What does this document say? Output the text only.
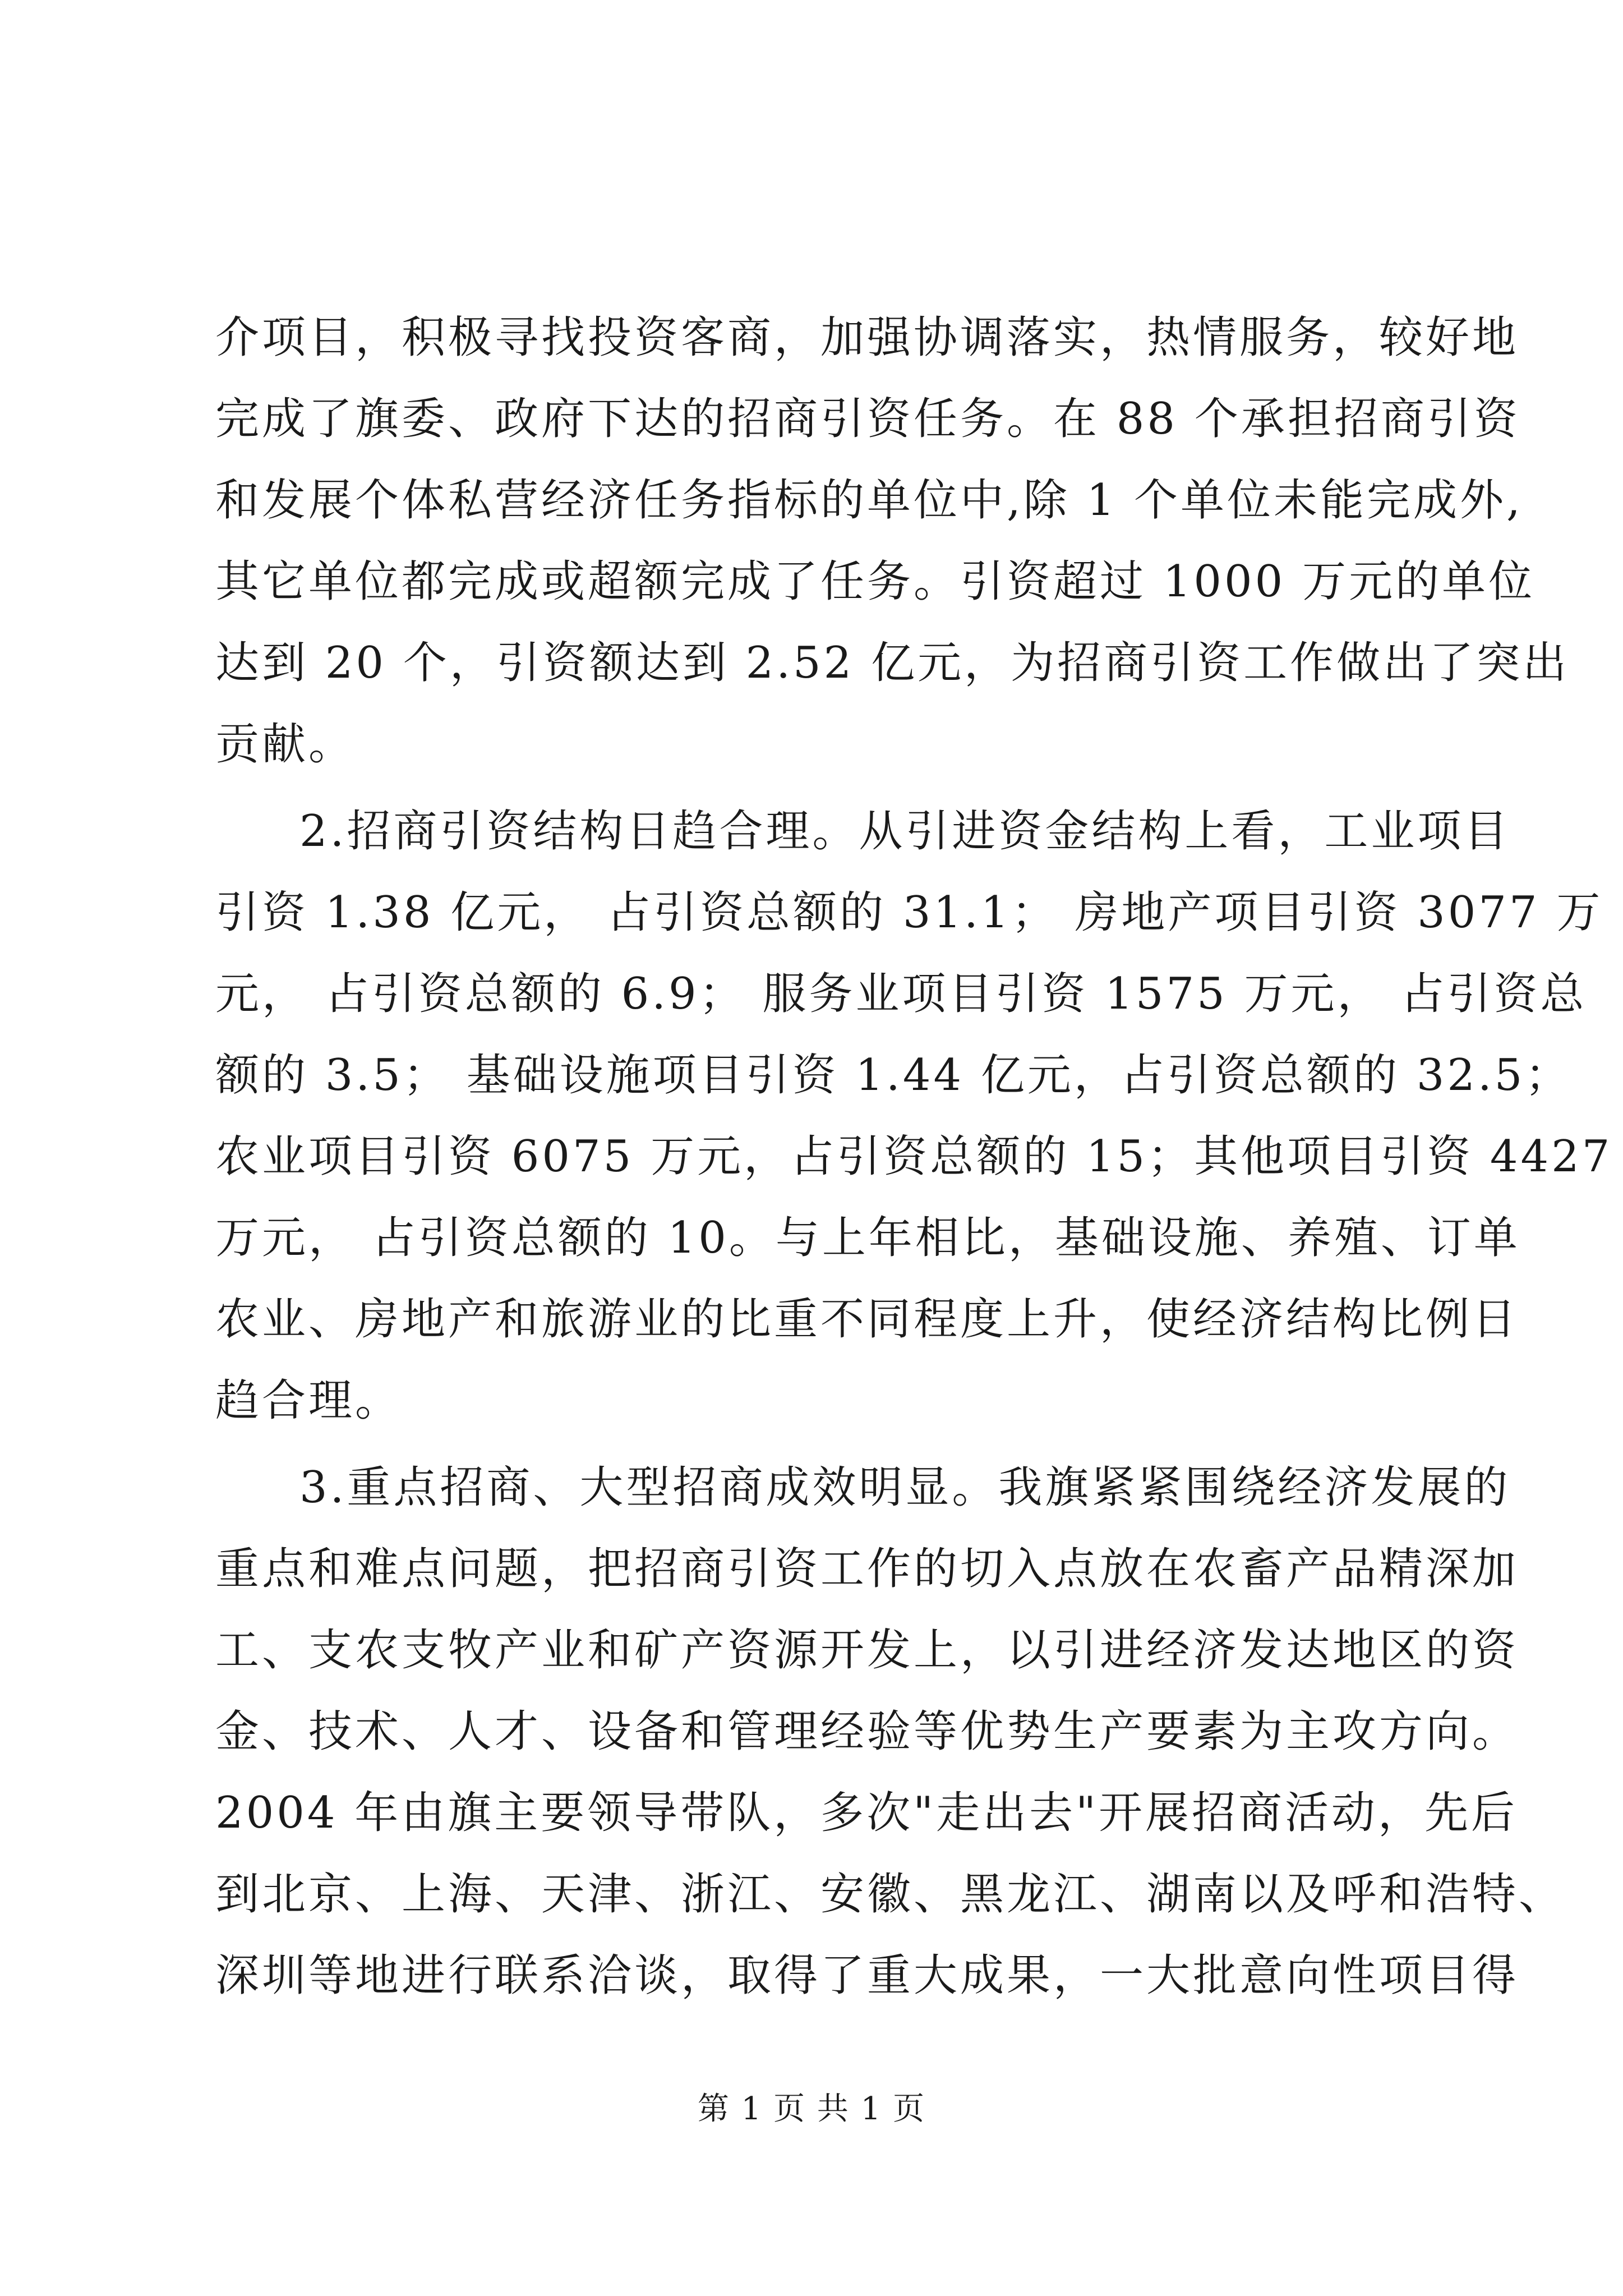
介项目，积极寻找投资客商，加强协调落实，热情服务，较好地
完成了旗委、政府下达的招商引资任务。在 88 个承担招商引资
和发展个体私营经济任务指标的单位中,除 1 个单位未能完成外,
其它单位都完成或超额完成了任务。引资超过 1000 万元的单位
达到 20 个，引资额达到 2.52 亿元，为招商引资工作做出了突出
贡献。
2.招商引资结构日趋合理。从引进资金结构上看，工业项目
引资 1.38 亿元， 占引资总额的 31.1； 房地产项目引资 3077 万
元， 占引资总额的 6.9； 服务业项目引资 1575 万元， 占引资总
额的 3.5； 基础设施项目引资 1.44 亿元，占引资总额的 32.5；
农业项目引资 6075 万元，占引资总额的 15；其他项目引资 4427
万元， 占引资总额的 10。与上年相比，基础设施、养殖、订单
农业、房地产和旅游业的比重不同程度上升，使经济结构比例日
趋合理。
3.重点招商、大型招商成效明显。我旗紧紧围绕经济发展的
重点和难点问题，把招商引资工作的切入点放在农畜产品精深加
工、支农支牧产业和矿产资源开发上，以引进经济发达地区的资
金、技术、人才、设备和管理经验等优势生产要素为主攻方向。
2004 年由旗主要领导带队，多次"走出去"开展招商活动，先后
到北京、上海、天津、浙江、安徽、黑龙江、湖南以及呼和浩特、
深圳等地进行联系洽谈，取得了重大成果，一大批意向性项目得
第 1 页 共 1 页
